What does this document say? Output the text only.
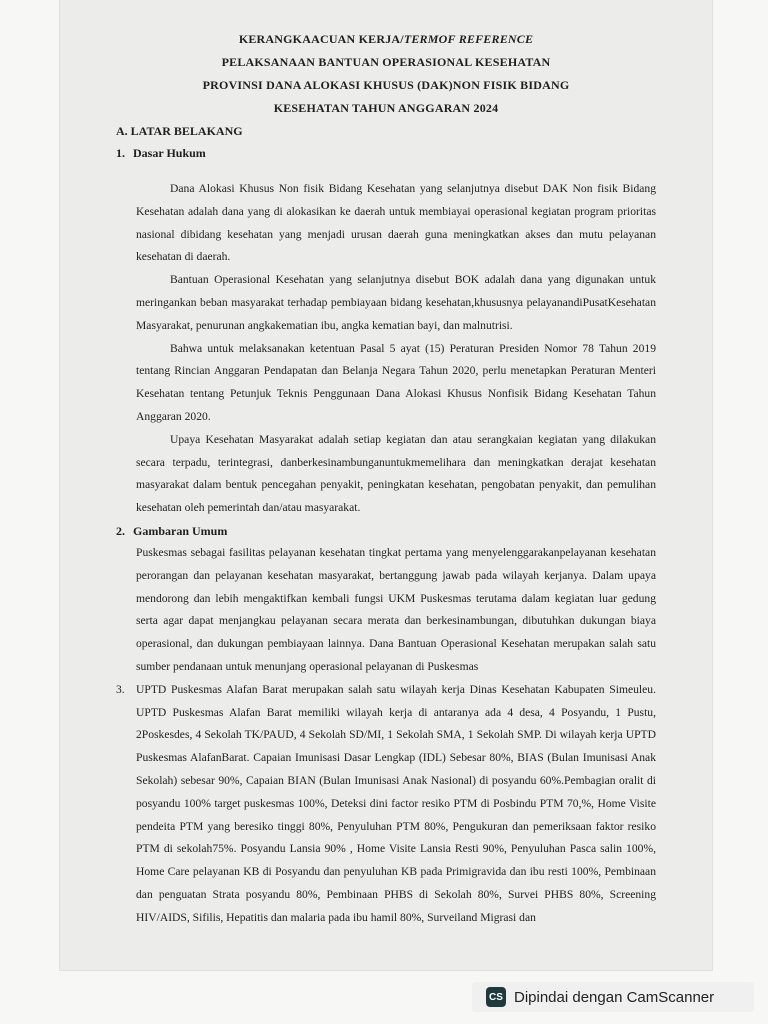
KERANGKAACUAN KERJA/TERMOF REFERENCE
PELAKSANAAN BANTUAN OPERASIONAL KESEHATAN
PROVINSI DANA ALOKASI KHUSUS (DAK)NON FISIK BIDANG
KESEHATAN TAHUN ANGGARAN 2024
A. LATAR BELAKANG
1. Dasar Hukum

Dana Alokasi Khusus Non fisik Bidang Kesehatan yang selanjutnya disebut DAK Non fisik Bidang Kesehatan adalah dana yang di alokasikan ke daerah untuk membiayai operasional kegiatan program prioritas nasional dibidang kesehatan yang menjadi urusan daerah guna meningkatkan akses dan mutu pelayanan kesehatan di daerah.

Bantuan Operasional Kesehatan yang selanjutnya disebut BOK adalah dana yang digunakan untuk meringankan beban masyarakat terhadap pembiayaan bidang kesehatan,khususnya pelayanandiPusatKesehatan Masyarakat, penurunan angkakematian ibu, angka kematian bayi, dan malnutrisi.

Bahwa untuk melaksanakan ketentuan Pasal 5 ayat (15) Peraturan Presiden Nomor 78 Tahun 2019 tentang Rincian Anggaran Pendapatan dan Belanja Negara Tahun 2020, perlu menetapkan Peraturan Menteri Kesehatan tentang Petunjuk Teknis Penggunaan Dana Alokasi Khusus Nonfisik Bidang Kesehatan Tahun Anggaran 2020.

Upaya Kesehatan Masyarakat adalah setiap kegiatan dan atau serangkaian kegiatan yang dilakukan secara terpadu, terintegrasi, danberkesinambunganuntukmemelihara dan meningkatkan derajat kesehatan masyarakat dalam bentuk pencegahan penyakit, peningkatan kesehatan, pengobatan penyakit, dan pemulihan kesehatan oleh pemerintah dan/atau masyarakat.

2. Gambaran Umum

Puskesmas sebagai fasilitas pelayanan kesehatan tingkat pertama yang menyelenggarakanpelayanan kesehatan perorangan dan pelayanan kesehatan masyarakat, bertanggung jawab pada wilayah kerjanya. Dalam upaya mendorong dan lebih mengaktifkan kembali fungsi UKM Puskesmas terutama dalam kegiatan luar gedung serta agar dapat menjangkau pelayanan secara merata dan berkesinambungan, dibutuhkan dukungan biaya operasional, dan dukungan pembiayaan lainnya. Dana Bantuan Operasional Kesehatan merupakan salah satu sumber pendanaan untuk menunjang operasional pelayanan di Puskesmas

3. UPTD Puskesmas Alafan Barat merupakan salah satu wilayah kerja Dinas Kesehatan Kabupaten Simeuleu. UPTD Puskesmas Alafan Barat memiliki wilayah kerja di antaranya ada 4 desa, 4 Posyandu, 1 Pustu, 2Poskesdes, 4 Sekolah TK/PAUD, 4 Sekolah SD/MI, 1 Sekolah SMA, 1 Sekolah SMP. Di wilayah kerja UPTD Puskesmas AlafanBarat. Capaian Imunisasi Dasar Lengkap (IDL) Sebesar 80%, BIAS (Bulan Imunisasi Anak Sekolah) sebesar 90%, Capaian BIAN (Bulan Imunisasi Anak Nasional) di posyandu 60%.Pembagian oralit di posyandu 100% target puskesmas 100%, Deteksi dini factor resiko PTM di Posbindu PTM 70,%, Home Visite pendeita PTM yang beresiko tinggi 80%, Penyuluhan PTM 80%, Pengukuran dan pemeriksaan faktor resiko PTM di sekolah75%. Posyandu Lansia 90% , Home Visite Lansia Resti 90%, Penyuluhan Pasca salin 100%, Home Care pelayanan KB di Posyandu dan penyuluhan KB pada Primigravida dan ibu resti 100%, Pembinaan dan penguatan Strata posyandu 80%, Pembinaan PHBS di Sekolah 80%, Survei PHBS 80%, Screening HIV/AIDS, Sifilis, Hepatitis dan malaria pada ibu hamil 80%, Surveiland Migrasi dan
CS Dipindai dengan CamScanner
